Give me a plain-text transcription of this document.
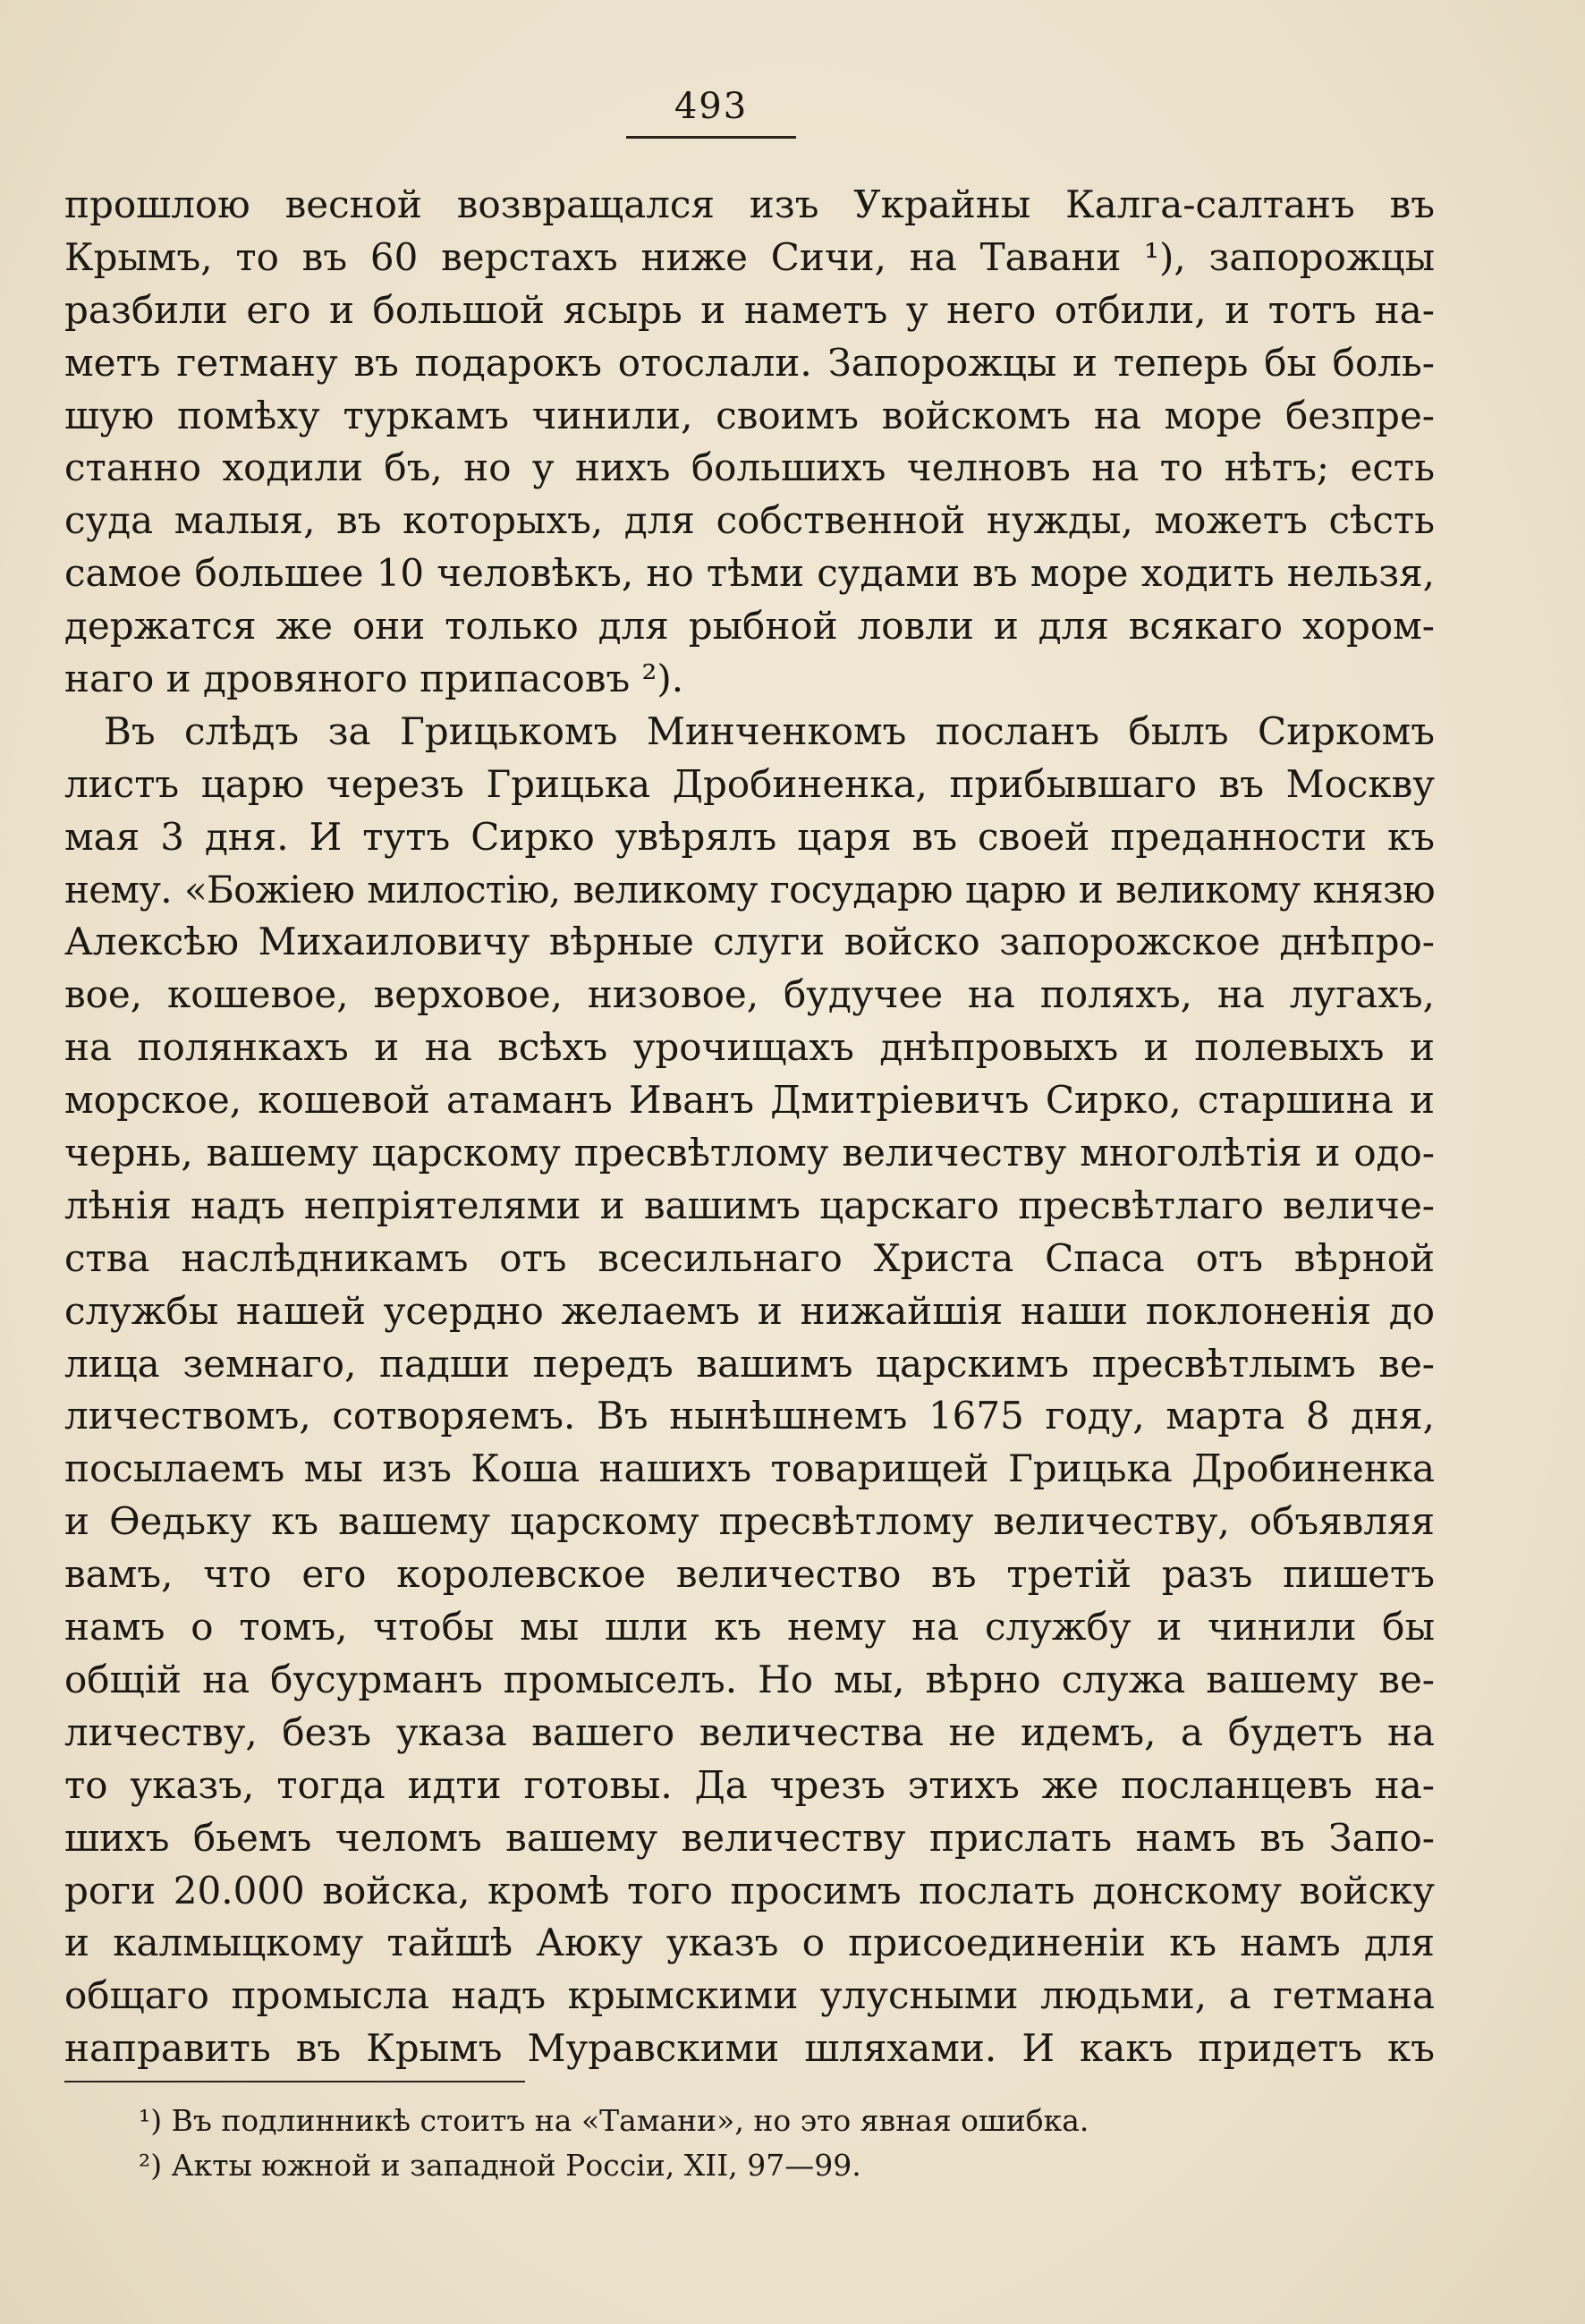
493
прошлою весной возвращался изъ Украйны Калга-салтанъ въ
Крымъ, то въ 60 верстахъ ниже Сичи, на Тавани ¹), запорожцы
разбили его и большой ясырь и наметъ у него отбили, и тотъ на-
метъ гетману въ подарокъ отослали. Запорожцы и теперь бы боль-
шую помѣху туркамъ чинили, своимъ войскомъ на море безпре-
станно ходили бъ, но у нихъ большихъ челновъ на то нѣтъ; есть
суда малыя, въ которыхъ, для собственной нужды, можетъ сѣсть
самое большее 10 человѣкъ, но тѣми судами въ море ходить нельзя,
держатся же они только для рыбной ловли и для всякаго хором-
наго и дровяного припасовъ ²).
Въ слѣдъ за Грицькомъ Минченкомъ посланъ былъ Сиркомъ
листъ царю черезъ Грицька Дробиненка, прибывшаго въ Москву
мая 3 дня. И тутъ Сирко увѣрялъ царя въ своей преданности къ
нему. «Божіею милостію, великому государю царю и великому князю
Алексѣю Михаиловичу вѣрные слуги войско запорожское днѣпро-
вое, кошевое, верховое, низовое, будучее на поляхъ, на лугахъ,
на полянкахъ и на всѣхъ урочищахъ днѣпровыхъ и полевыхъ и
морское, кошевой атаманъ Иванъ Дмитріевичъ Сирко, старшина и
чернь, вашему царскому пресвѣтлому величеству многолѣтія и одо-
лѣнія надъ непріятелями и вашимъ царскаго пресвѣтлаго величе-
ства наслѣдникамъ отъ всесильнаго Христа Спаса отъ вѣрной
службы нашей усердно желаемъ и нижайшія наши поклоненія до
лица земнаго, падши передъ вашимъ царскимъ пресвѣтлымъ ве-
личествомъ, сотворяемъ. Въ нынѣшнемъ 1675 году, марта 8 дня,
посылаемъ мы изъ Коша нашихъ товарищей Грицька Дробиненка
и Ѳедьку къ вашему царскому пресвѣтлому величеству, объявляя
вамъ, что его королевское величество въ третій разъ пишетъ
намъ о томъ, чтобы мы шли къ нему на службу и чинили бы
общій на бусурманъ промыселъ. Но мы, вѣрно служа вашему ве-
личеству, безъ указа вашего величества не идемъ, а будетъ на
то указъ, тогда идти готовы. Да чрезъ этихъ же посланцевъ на-
шихъ бьемъ челомъ вашему величеству прислать намъ въ Запо-
роги 20.000 войска, кромѣ того просимъ послать донскому войску
и калмыцкому тайшѣ Аюку указъ о присоединеніи къ намъ для
общаго промысла надъ крымскими улусными людьми, а гетмана
направить въ Крымъ Муравскими шляхами. И какъ придетъ къ
¹) Въ подлинникѣ стоитъ на «Тамани», но это явная ошибка.
²) Акты южной и западной Россіи, XII, 97—99.
